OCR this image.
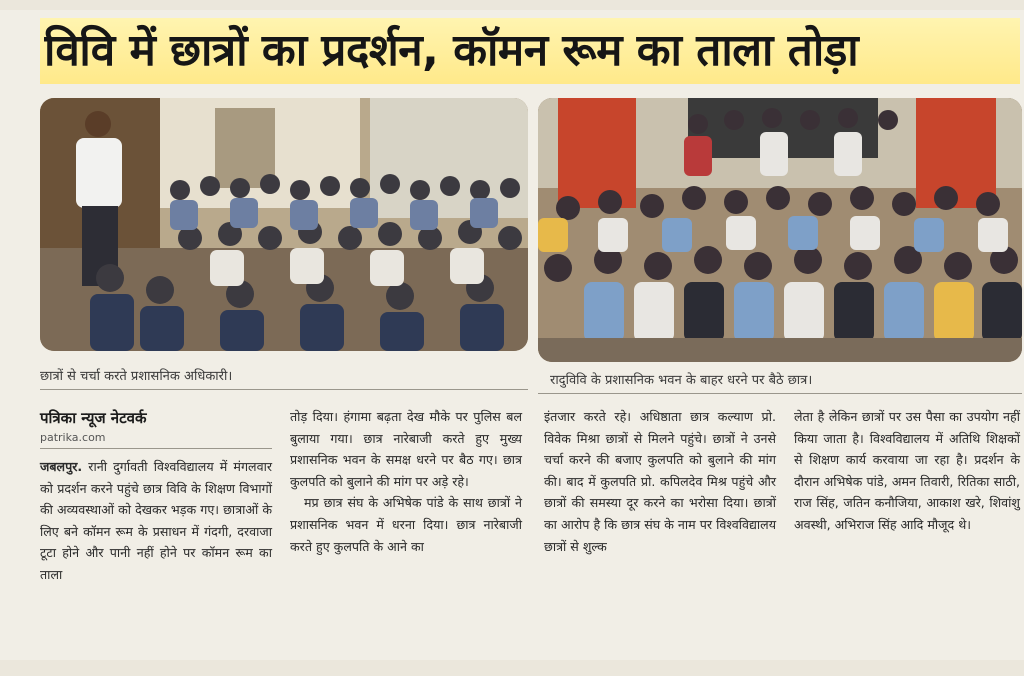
विवि में छात्रों का प्रदर्शन, कॉमन रूम का ताला तोड़ा
छात्रों से चर्चा करते प्रशासनिक अधिकारी।	रादुविवि के प्रशासनिक भवन के बाहर धरने पर बैठे छात्र।
पत्रिका न्यूज नेटवर्क
patrika.com

जबलपुर. रानी दुर्गावती विश्वविद्यालय में मंगलवार को प्रदर्शन करने पहुंचे छात्र विवि के शिक्षण विभागों की अव्यवस्थाओं को देखकर भड़क गए। छात्राओं के लिए बने कॉमन रूम के प्रसाधन में गंदगी, दरवाजा टूटा होने और पानी नहीं होने पर कॉमन रूम का ताला

तोड़ दिया। हंगामा बढ़ता देख मौके पर पुलिस बल बुलाया गया। छात्र नारेबाजी करते हुए मुख्य प्रशासनिक भवन के समक्ष धरने पर बैठ गए। छात्र कुलपति को बुलाने की मांग पर अड़े रहे।

मप्र छात्र संघ के अभिषेक पांडे के साथ छात्रों ने प्रशासनिक भवन में धरना दिया। छात्र नारेबाजी करते हुए कुलपति के आने का

इंतजार करते रहे। अधिष्ठाता छात्र कल्याण प्रो. विवेक मिश्रा छात्रों से मिलने पहुंचे। छात्रों ने उनसे चर्चा करने की बजाए कुलपति को बुलाने की मांग की। बाद में कुलपति प्रो. कपिलदेव मिश्र पहुंचे और छात्रों की समस्या दूर करने का भरोसा दिया। छात्रों का आरोप है कि छात्र संघ के नाम पर विश्वविद्यालय छात्रों से शुल्क

लेता है लेकिन छात्रों पर उस पैसा का उपयोग नहीं किया जाता है। विश्वविद्यालय में अतिथि शिक्षकों से शिक्षण कार्य करवाया जा रहा है। प्रदर्शन के दौरान अभिषेक पांडे, अमन तिवारी, रितिका साठी, राज सिंह, जतिन कनौजिया, आकाश खरे, शिवांशु अवस्थी, अभिराज सिंह आदि मौजूद थे।
